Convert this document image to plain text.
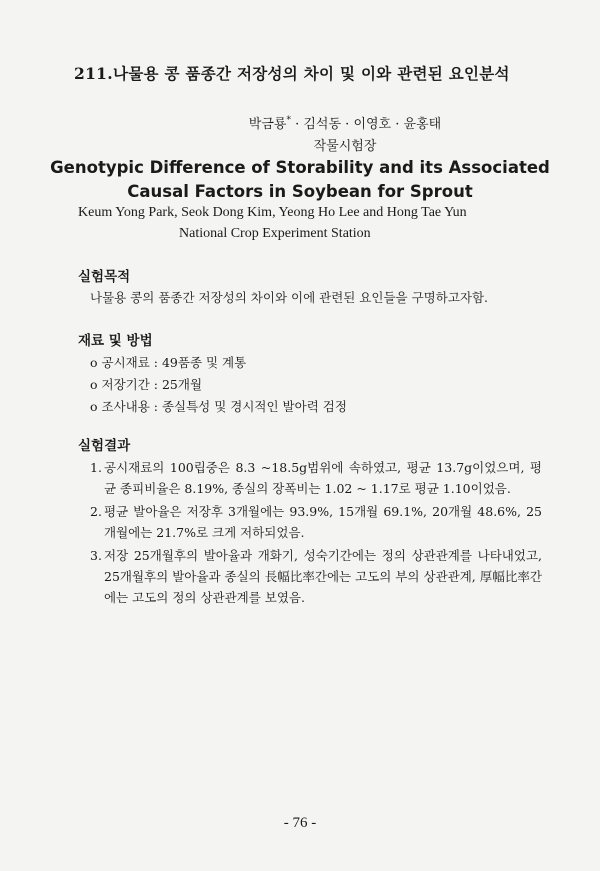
211.나물용 콩 품종간 저장성의 차이 및 이와 관련된 요인분석
박금룡* · 김석동 · 이영호 · 윤홍태
작물시험장
Genotypic Difference of Storability and its Associated Causal Factors in Soybean for Sprout
Keum Yong Park, Seok Dong Kim, Yeong Ho Lee and Hong Tae Yun
National Crop Experiment Station
실험목적
나물용 콩의 품종간 저장성의 차이와 이에 관련된 요인들을 구명하고자함.
재료 및 방법
o 공시재료 : 49품종 및 계통
o 저장기간 : 25개월
o 조사내용 : 종실특성 및 경시적인 발아력 검정
실험결과
1. 공시재료의 100립중은 8.3 ~18.5g범위에 속하였고, 평균 13.7g이었으며, 평균 종피비율은 8.19%, 종실의 장폭비는 1.02 ~ 1.17로 평균 1.10이었음.
2. 평균 발아율은 저장후 3개월에는 93.9%, 15개월 69.1%, 20개월 48.6%, 25개월에는 21.7%로 크게 저하되었음.
3. 저장 25개월후의 발아율과 개화기, 성숙기간에는 정의 상관관계를 나타내었고, 25개월후의 발아율과 종실의 長幅比率간에는 고도의 부의 상관관계, 厚幅比率간에는 고도의 정의 상관관계를 보였음.
- 76 -
